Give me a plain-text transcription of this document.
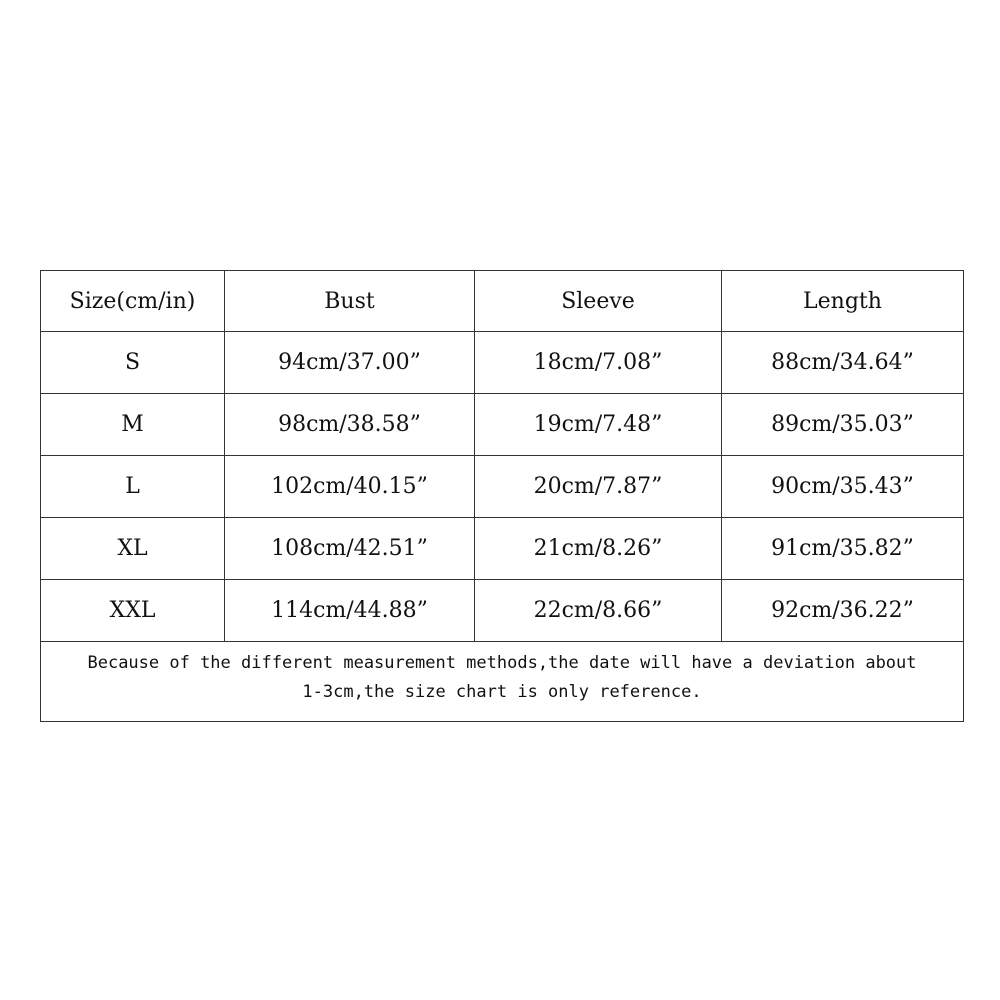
Size(cm/in)	Bust	Sleeve	Length
S	94cm/37.00”	18cm/7.08”	88cm/34.64”
M	98cm/38.58”	19cm/7.48”	89cm/35.03”
L	102cm/40.15”	20cm/7.87”	90cm/35.43”
XL	108cm/42.51”	21cm/8.26”	91cm/35.82”
XXL	114cm/44.88”	22cm/8.66”	92cm/36.22”

Because of the different measurement methods,the date will have a deviation about
1-3cm,the size chart is only reference.			
